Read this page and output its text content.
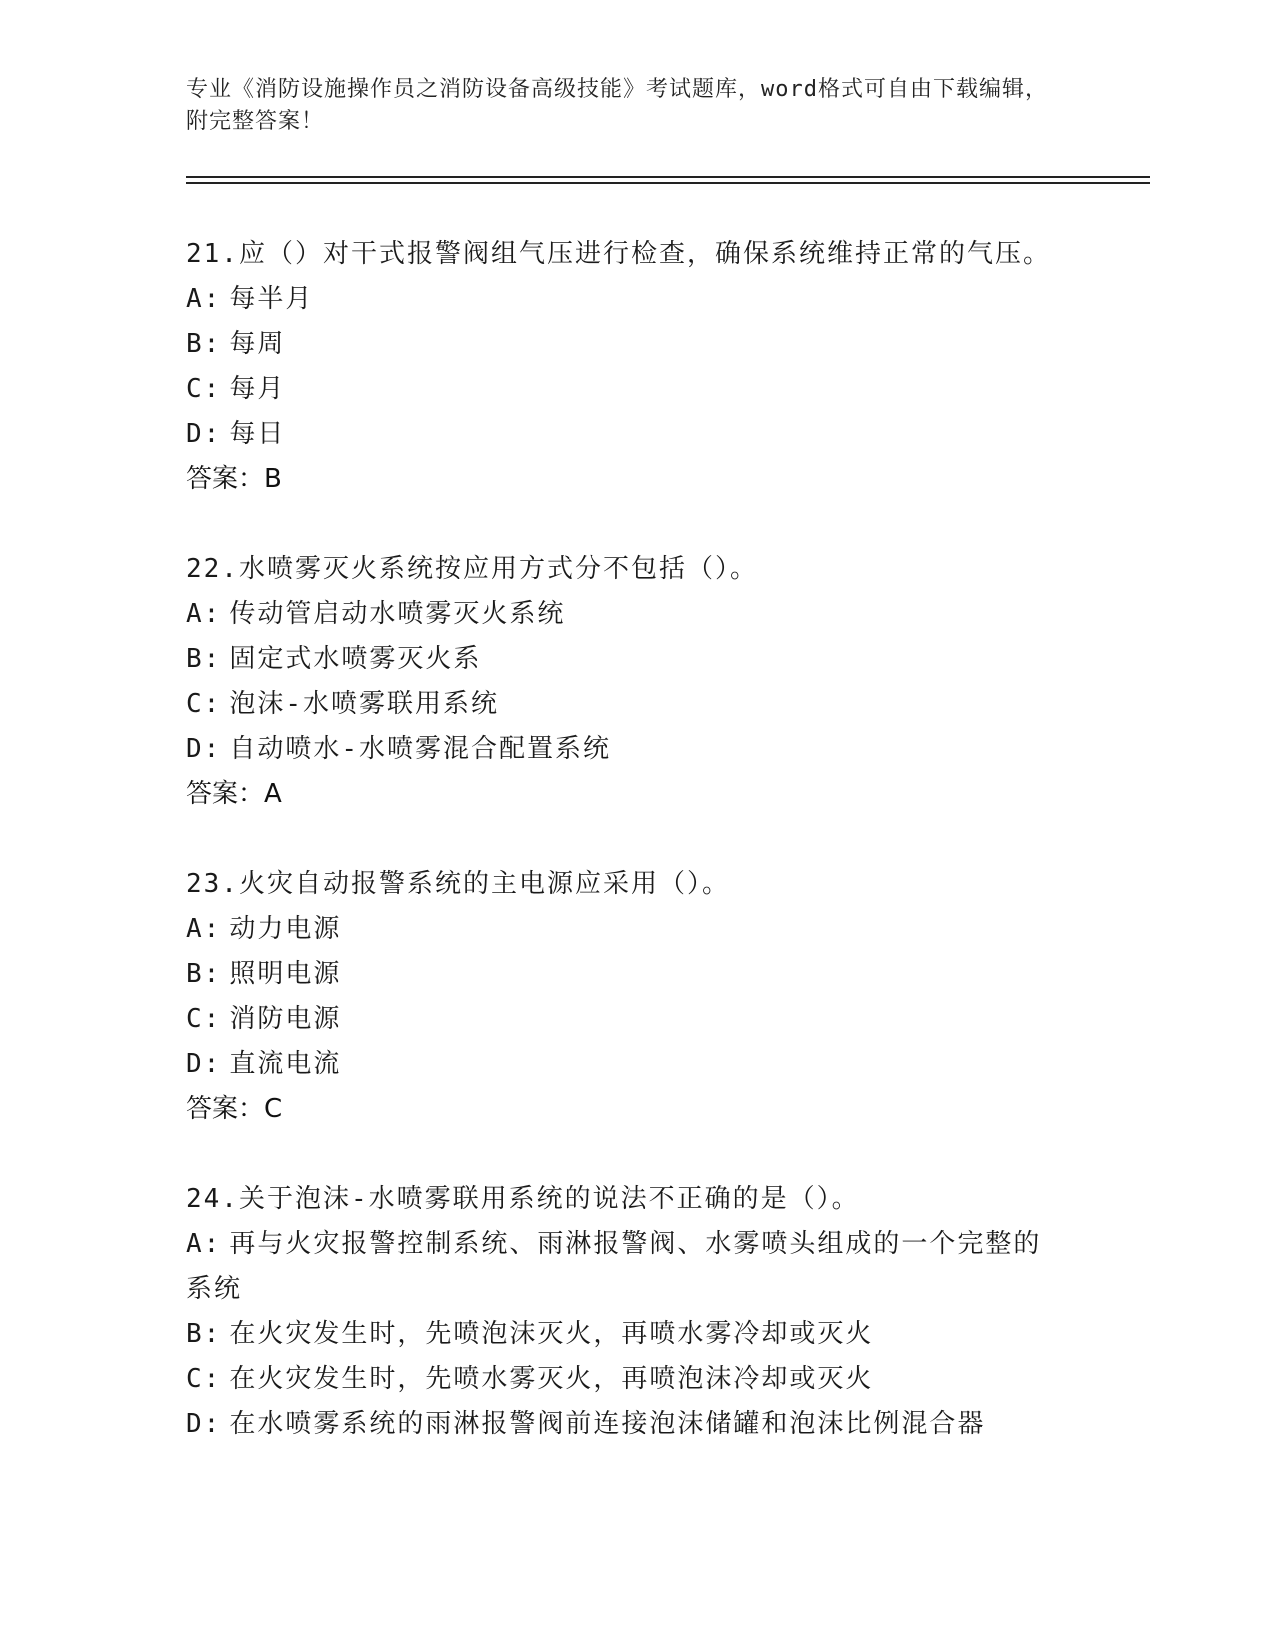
专业《消防设施操作员之消防设备高级技能》考试题库，word格式可自由下载编辑，附完整答案！
21.应（）对干式报警阀组气压进行检查，确保系统维持正常的气压。
A: 每半月
B: 每周
C: 每月
D: 每日
答案：B
22.水喷雾灭火系统按应用方式分不包括（）。
A: 传动管启动水喷雾灭火系统
B: 固定式水喷雾灭火系
C: 泡沫-水喷雾联用系统
D: 自动喷水-水喷雾混合配置系统
答案：A
23.火灾自动报警系统的主电源应采用（）。
A: 动力电源
B: 照明电源
C: 消防电源
D: 直流电流
答案：C
24.关于泡沫-水喷雾联用系统的说法不正确的是（）。
A: 再与火灾报警控制系统、雨淋报警阀、水雾喷头组成的一个完整的系统
B: 在火灾发生时，先喷泡沫灭火，再喷水雾冷却或灭火
C: 在火灾发生时，先喷水雾灭火，再喷泡沫冷却或灭火
D: 在水喷雾系统的雨淋报警阀前连接泡沫储罐和泡沫比例混合器
